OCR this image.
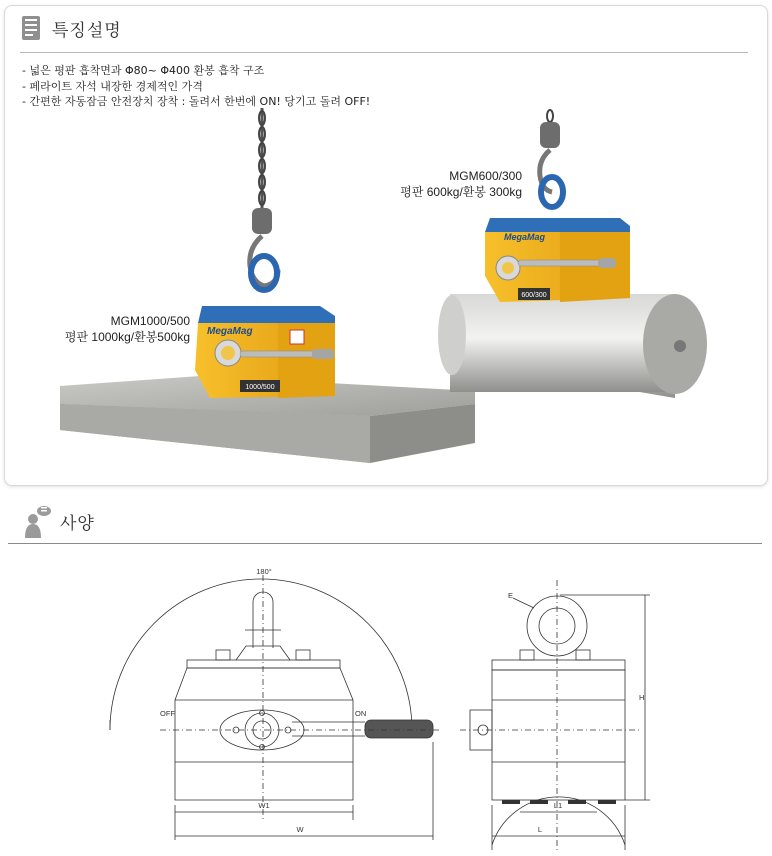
특징설명
- 넓은 평판 흡착면과 Φ80~ Φ400 환봉 흡착 구조
- 페라이트 자석 내장한 경제적인 가격
- 간편한 자동잠금 안전장치 장착 : 돌려서 한번에 ON! 당기고 돌려 OFF!
1000/500
MegaMag
MGM1000/500
평판 1000kg/환봉500kg
600/300
MegaMag
MGM600/300
평판 600kg/환봉 300kg
사양
180°
OFF	ON
W1
W
E
H
L1
L
